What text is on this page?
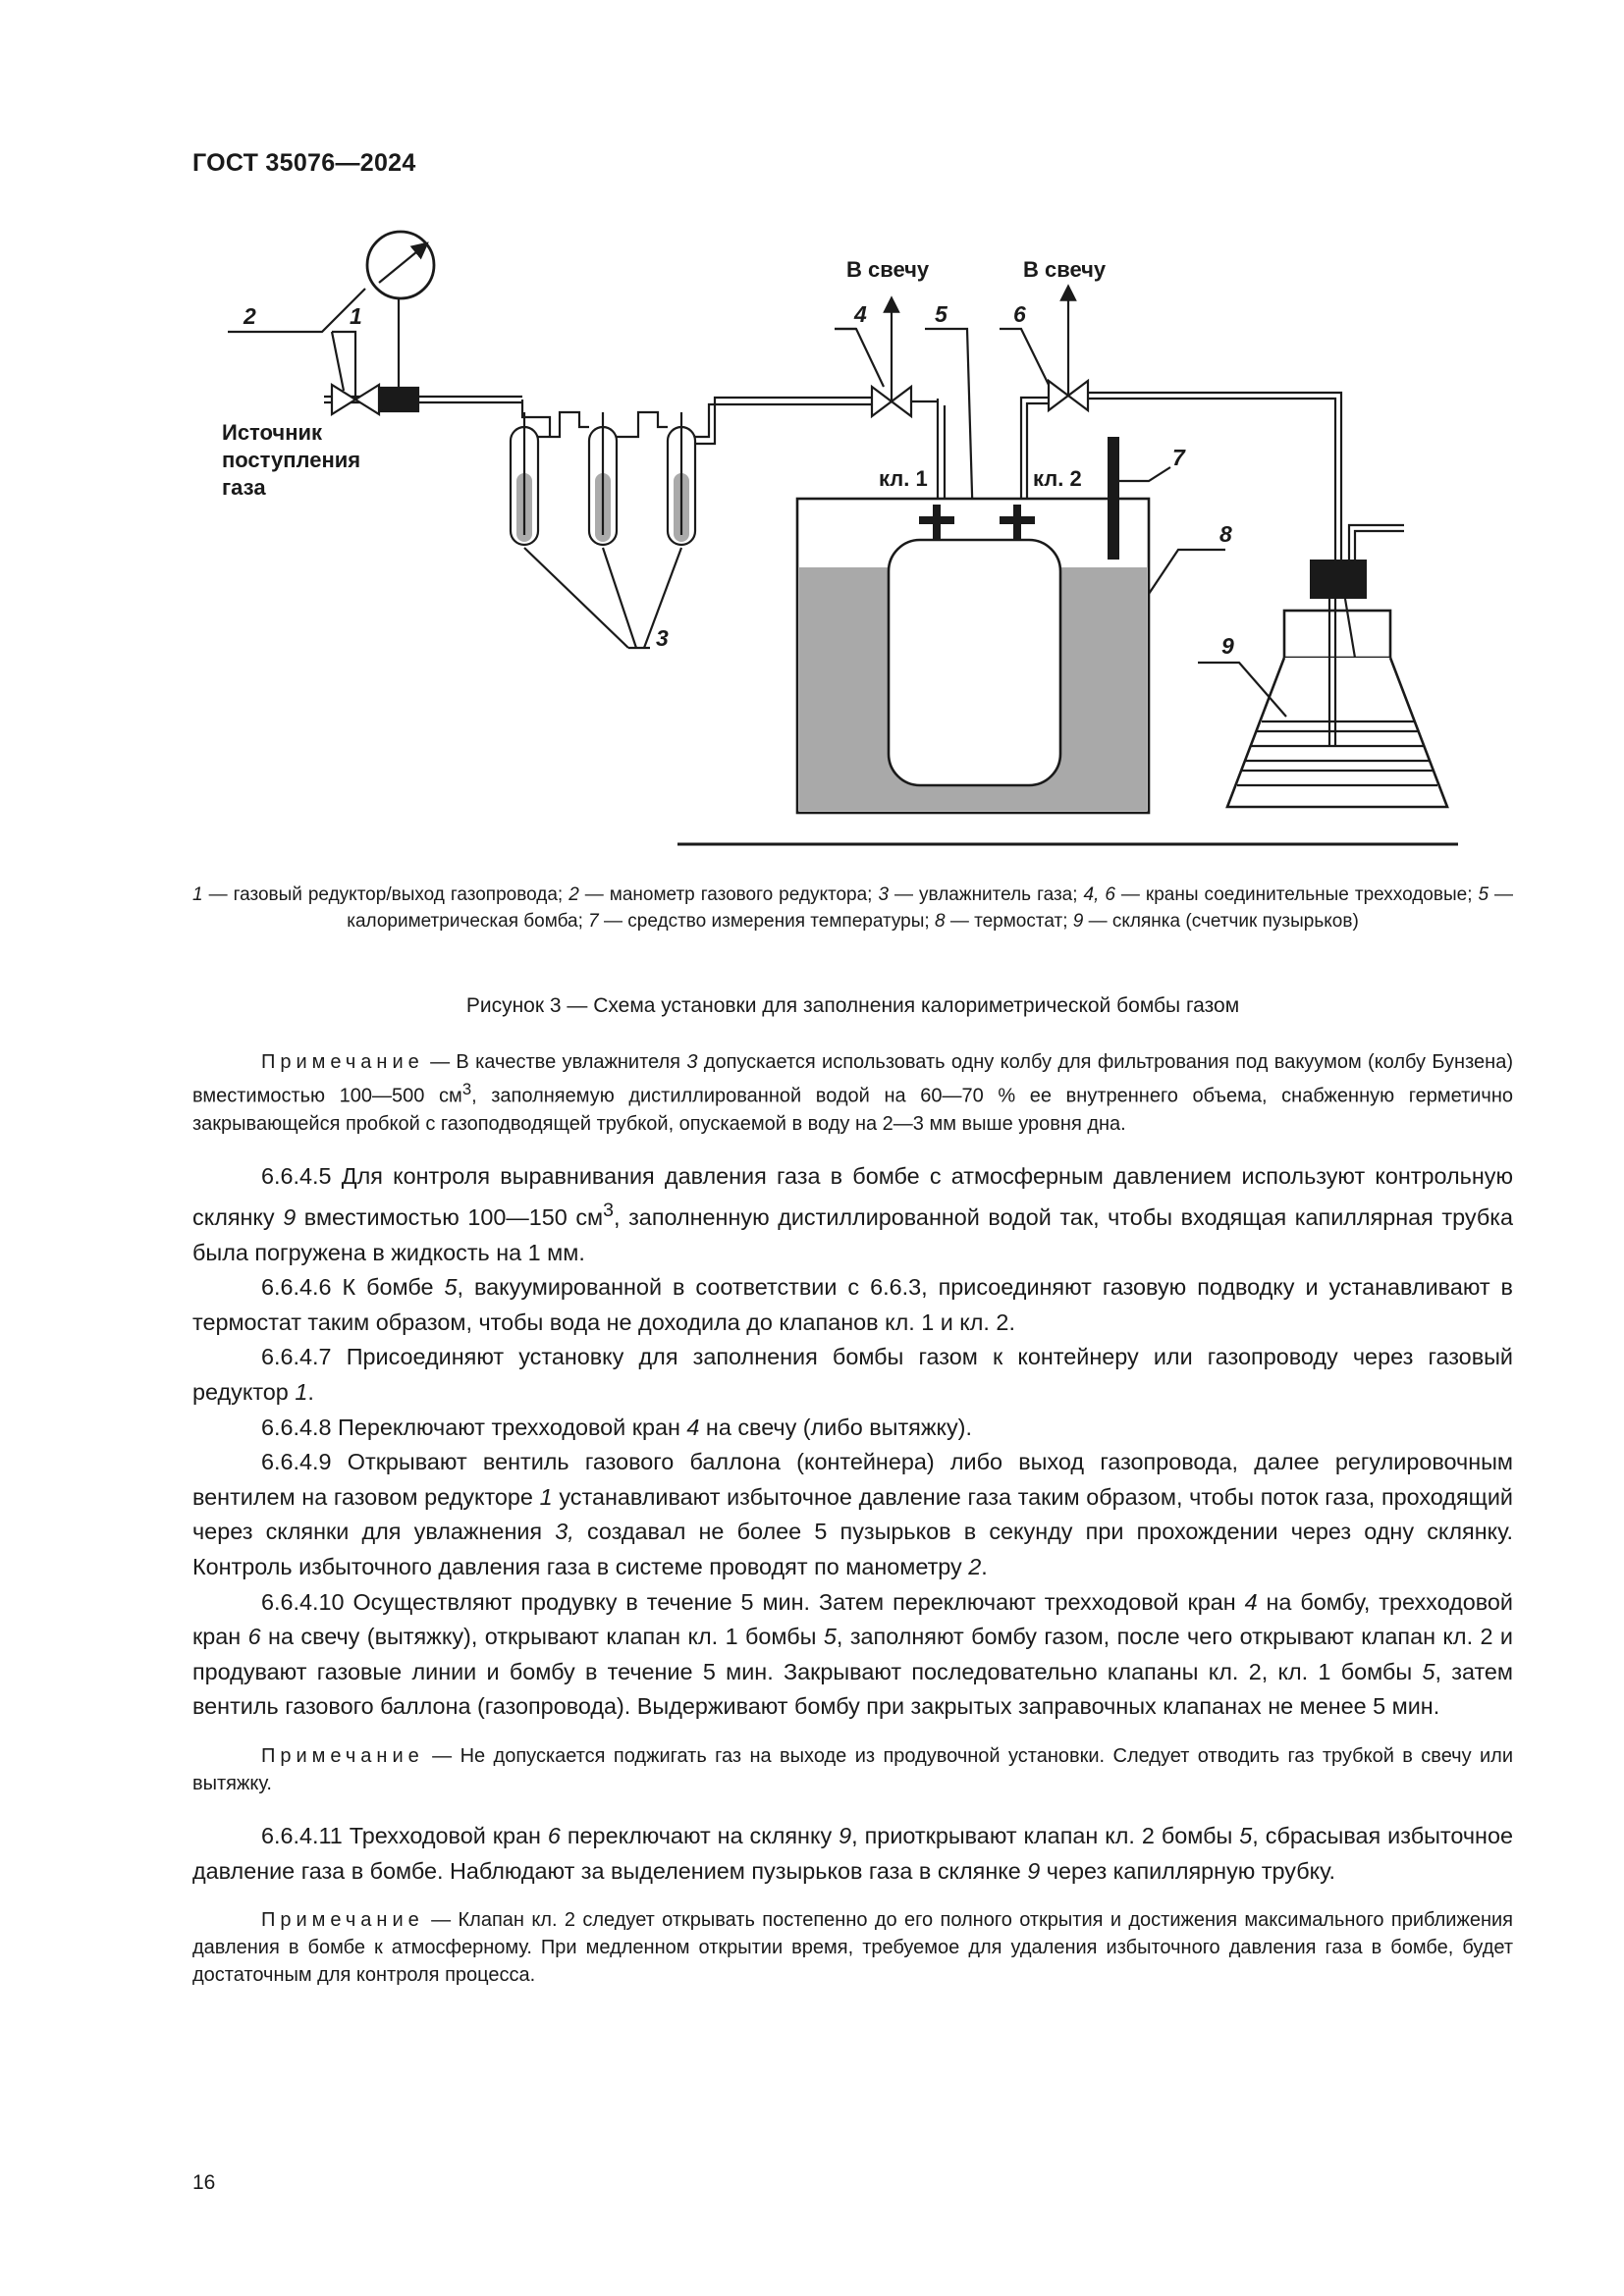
ГОСТ 35076—2024
2	1
Источник
поступления
газа
3
В свечу	В свечу
4	5	6
кл. 1	кл. 2
7
8
9
1 — газовый редуктор/выход газопровода; 2 — манометр газового редуктора; 3 — увлажнитель газа; 4, 6 — краны соединительные трехходовые; 5 — калориметрическая бомба; 7 — средство измерения температуры; 8 — термостат; 9 — склянка (счетчик пузырьков)
Рисунок 3 — Схема установки для заполнения калориметрической бомбы газом

Примечание — В качестве увлажнителя 3 допускается использовать одну колбу для фильтрования под вакуумом (колбу Бунзена) вместимостью 100—500 $см^3$, заполняемую дистиллированной водой на 60—70 % ее внутреннего объема, снабженную герметично закрывающейся пробкой с газоподводящей трубкой, опускаемой в воду на 2—3 мм выше уровня дна.

6.6.4.5 Для контроля выравнивания давления газа в бомбе с атмосферным давлением используют контрольную склянку 9 вместимостью 100—150 $см^3$, заполненную дистиллированной водой так, чтобы входящая капиллярная трубка была погружена в жидкость на 1 мм.

6.6.4.6 К бомбе 5, вакуумированной в соответствии с 6.6.3, присоединяют газовую подводку и устанавливают в термостат таким образом, чтобы вода не доходила до клапанов кл. 1 и кл. 2.

6.6.4.7 Присоединяют установку для заполнения бомбы газом к контейнеру или газопроводу через газовый редуктор 1.

6.6.4.8 Переключают трехходовой кран 4 на свечу (либо вытяжку).

6.6.4.9 Открывают вентиль газового баллона (контейнера) либо выход газопровода, далее регулировочным вентилем на газовом редукторе 1 устанавливают избыточное давление газа таким образом, чтобы поток газа, проходящий через склянки для увлажнения 3, создавал не более 5 пузырьков в секунду при прохождении через одну склянку. Контроль избыточного давления газа в системе проводят по манометру 2.

6.6.4.10 Осуществляют продувку в течение 5 мин. Затем переключают трехходовой кран 4 на бомбу, трехходовой кран 6 на свечу (вытяжку), открывают клапан кл. 1 бомбы 5, заполняют бомбу газом, после чего открывают клапан кл. 2 и продувают газовые линии и бомбу в течение 5 мин. Закрывают последовательно клапаны кл. 2, кл. 1 бомбы 5, затем вентиль газового баллона (газопровода). Выдерживают бомбу при закрытых заправочных клапанах не менее 5 мин.

Примечание — Не допускается поджигать газ на выходе из продувочной установки. Следует отводить газ трубкой в свечу или вытяжку.

6.6.4.11 Трехходовой кран 6 переключают на склянку 9, приоткрывают клапан кл. 2 бомбы 5, сбрасывая избыточное давление газа в бомбе. Наблюдают за выделением пузырьков газа в склянке 9 через капиллярную трубку.

Примечание — Клапан кл. 2 следует открывать постепенно до его полного открытия и достижения максимального приближения давления в бомбе к атмосферному. При медленном открытии время, требуемое для удаления избыточного давления газа в бомбе, будет достаточным для контроля процесса.

16
